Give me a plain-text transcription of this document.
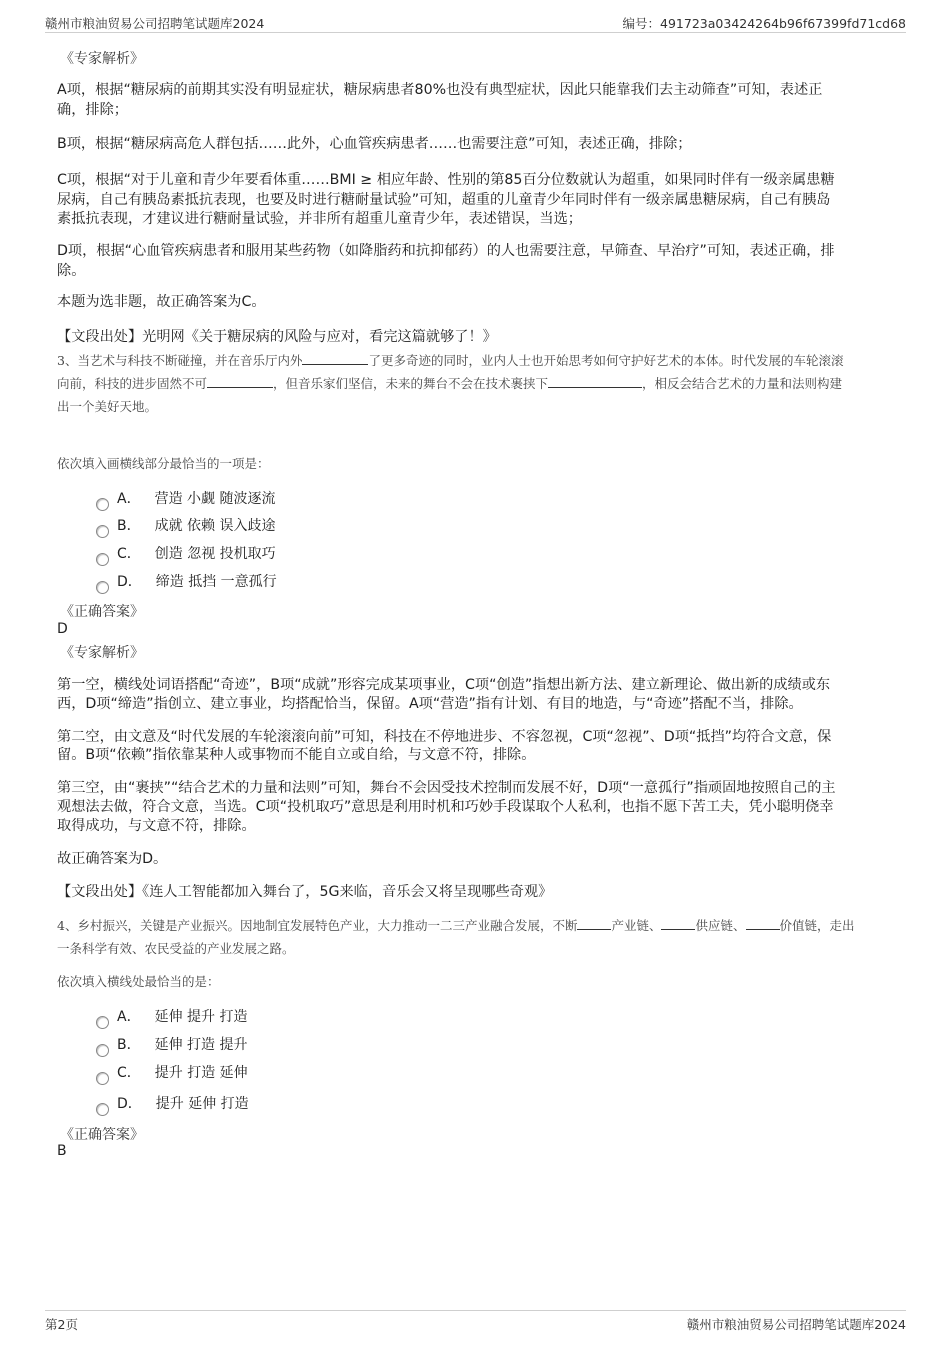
赣州市粮油贸易公司招聘笔试题库2024	编号：491723a03424264b96f67399fd71cd68
《专家解析》
A项，根据“糖尿病的前期其实没有明显症状，糖尿病患者80%也没有典型症状，因此只能靠我们去主动筛查”可知，表述正
确，排除；
B项，根据“糖尿病高危人群包括……此外，心血管疾病患者……也需要注意”可知，表述正确，排除；
C项，根据“对于儿童和青少年要看体重……BMI ≥ 相应年龄、性别的第85百分位数就认为超重，如果同时伴有一级亲属患糖
尿病，自己有胰岛素抵抗表现，也要及时进行糖耐量试验”可知，超重的儿童青少年同时伴有一级亲属患糖尿病，自己有胰岛
素抵抗表现，才建议进行糖耐量试验，并非所有超重儿童青少年，表述错误，当选；
D项，根据“心血管疾病患者和服用某些药物（如降脂药和抗抑郁药）的人也需要注意，早筛查、早治疗”可知，表述正确，排
除。
本题为选非题，故正确答案为C。
【文段出处】光明网《关于糖尿病的风险与应对，看完这篇就够了！》
3、当艺术与科技不断碰撞，并在音乐厅内外	了更多奇迹的同时，业内人士也开始思考如何守护好艺术的本体。时代发展的车轮滚滚
向前，科技的进步固然不可	，但音乐家们坚信，未来的舞台不会在技术裹挟下	，相反会结合艺术的力量和法则构建
出一个美好天地。
依次填入画横线部分最恰当的一项是：
A． 营造 小觑 随波逐流
B． 成就 依赖 误入歧途
C． 创造 忽视 投机取巧
D． 缔造 抵挡 一意孤行
《正确答案》
D
《专家解析》
第一空，横线处词语搭配“奇迹”，B项“成就”形容完成某项事业，C项“创造”指想出新方法、建立新理论、做出新的成绩或东
西，D项“缔造”指创立、建立事业，均搭配恰当，保留。A项“营造”指有计划、有目的地造，与“奇迹”搭配不当，排除。
第二空，由文意及“时代发展的车轮滚滚向前”可知，科技在不停地进步、不容忽视，C项“忽视”、D项“抵挡”均符合文意，保
留。B项“依赖”指依靠某种人或事物而不能自立或自给，与文意不符，排除。
第三空，由“裹挟”“结合艺术的力量和法则”可知，舞台不会因受技术控制而发展不好，D项“一意孤行”指顽固地按照自己的主
观想法去做，符合文意，当选。C项“投机取巧”意思是利用时机和巧妙手段谋取个人私利，也指不愿下苦工夫，凭小聪明侥幸
取得成功，与文意不符，排除。
故正确答案为D。
【文段出处】《连人工智能都加入舞台了，5G来临，音乐会又将呈现哪些奇观》
4、乡村振兴，关键是产业振兴。因地制宜发展特色产业，大力推动一二三产业融合发展，不断	产业链、	供应链、	价值链，走出
一条科学有效、农民受益的产业发展之路。
依次填入横线处最恰当的是：
A． 延伸 提升 打造
B． 延伸 打造 提升
C． 提升 打造 延伸
D． 提升 延伸 打造
《正确答案》
B
第2页	赣州市粮油贸易公司招聘笔试题库2024
